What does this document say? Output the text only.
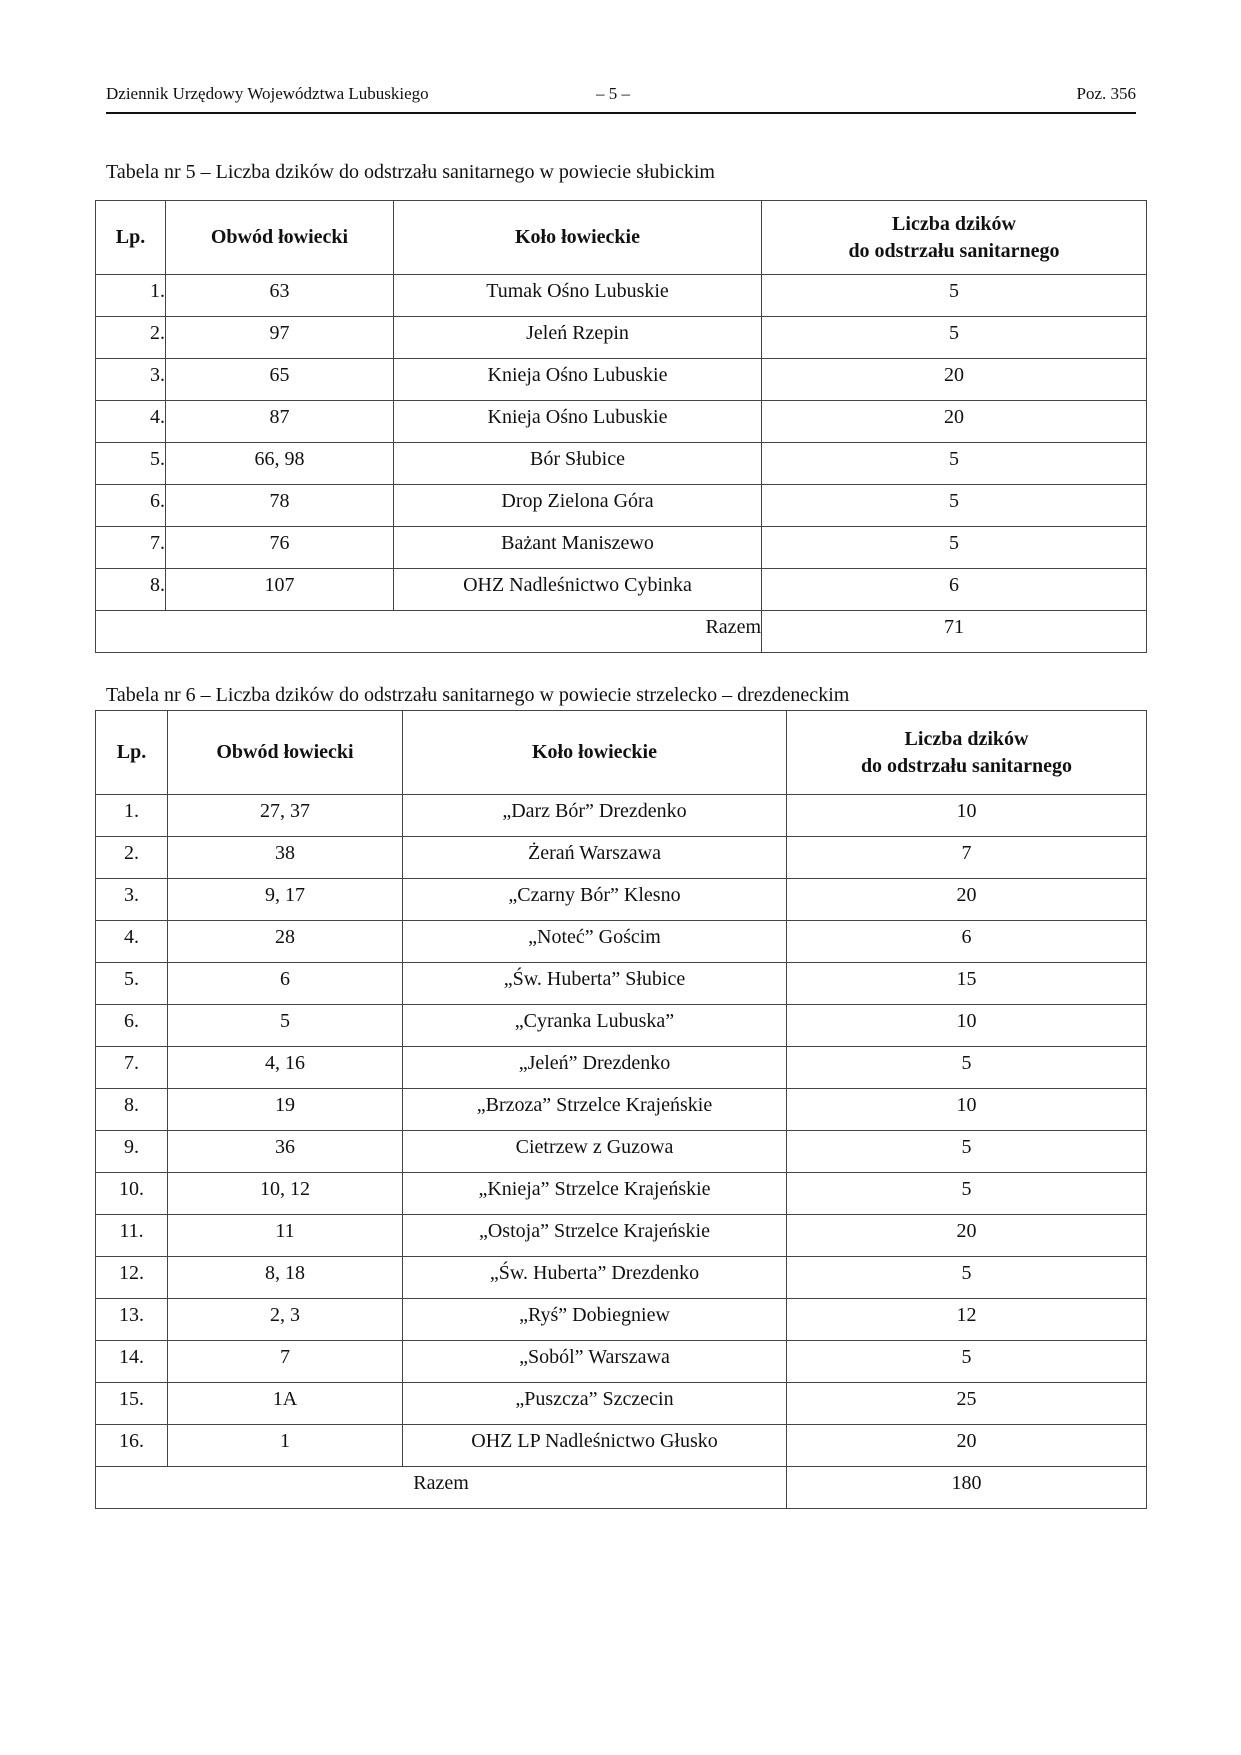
Dziennik Urzędowy Województwa Lubuskiego	– 5 –	Poz. 356
Tabela nr 5 – Liczba dzików do odstrzału sanitarnego w powiecie słubickim
Lp.	Obwód łowiecki	Koło łowieckie	Liczba dzików
do odstrzału sanitarnego

1.	63	Tumak Ośno Lubuskie	5
2.	97	Jeleń Rzepin	5
3.	65	Knieja Ośno Lubuskie	20
4.	87	Knieja Ośno Lubuskie	20
5.	66, 98	Bór Słubice	5
6.	78	Drop Zielona Góra	5
7.	76	Bażant Maniszewo	5
8.	107	OHZ Nadleśnictwo Cybinka	6
Razem			71
Tabela nr 6 – Liczba dzików do odstrzału sanitarnego w powiecie strzelecko – drezdeneckim
Lp.	Obwód łowiecki	Koło łowieckie	Liczba dzików
do odstrzału sanitarnego

1.	27, 37	„Darz Bór” Drezdenko	10
2.	38	Żerań Warszawa	7
3.	9, 17	„Czarny Bór” Klesno	20
4.	28	„Noteć” Gościm	6
5.	6	„Św. Huberta” Słubice	15
6.	5	„Cyranka Lubuska”	10
7.	4, 16	„Jeleń” Drezdenko	5
8.	19	„Brzoza” Strzelce Krajeńskie	10
9.	36	Cietrzew z Guzowa	5
10.	10, 12	„Knieja” Strzelce Krajeńskie	5
11.	11	„Ostoja” Strzelce Krajeńskie	20
12.	8, 18	„Św. Huberta” Drezdenko	5
13.	2, 3	„Ryś” Dobiegniew	12
14.	7	„Soból” Warszawa	5
15.	1A	„Puszcza” Szczecin	25
16.	1	OHZ LP Nadleśnictwo Głusko	20
Razem			180
